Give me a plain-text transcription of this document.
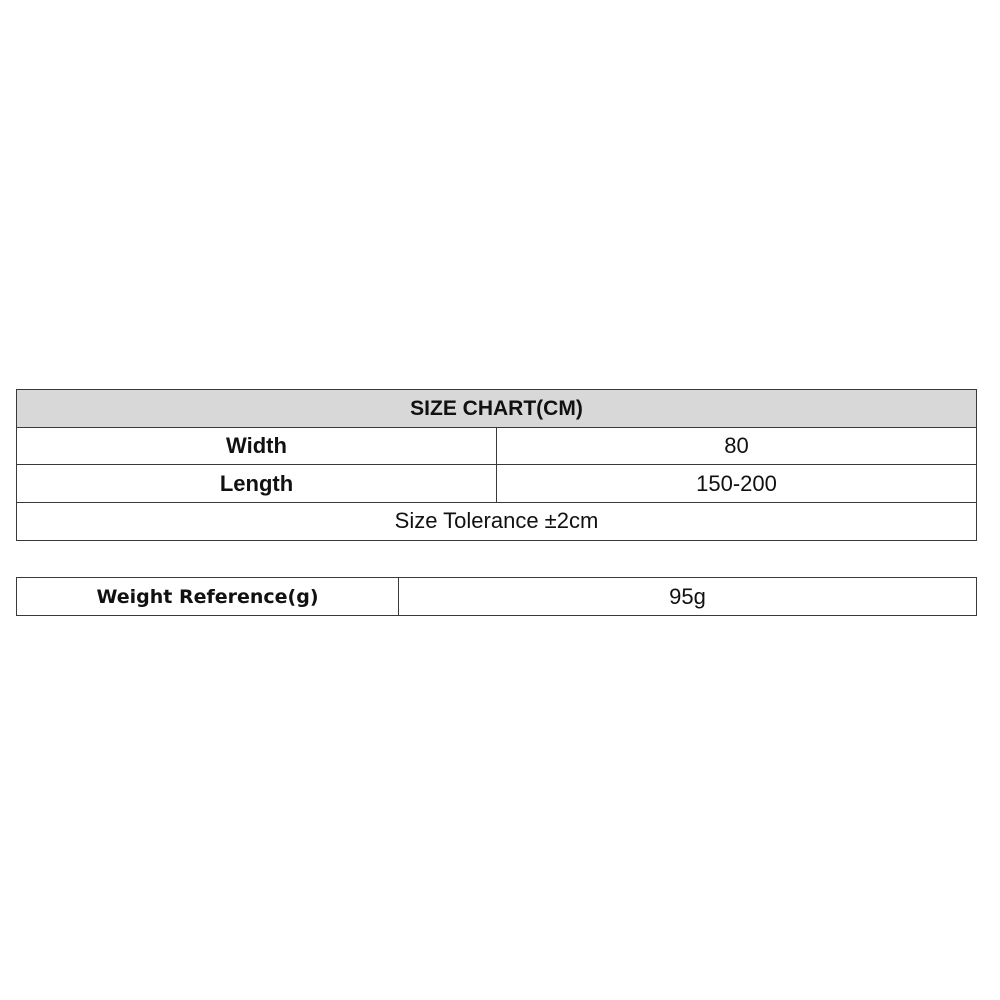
SIZE CHART(CM)	
Width	80
Length	150-200
Size Tolerance ±2cm	
Weight Reference(g)	95g
